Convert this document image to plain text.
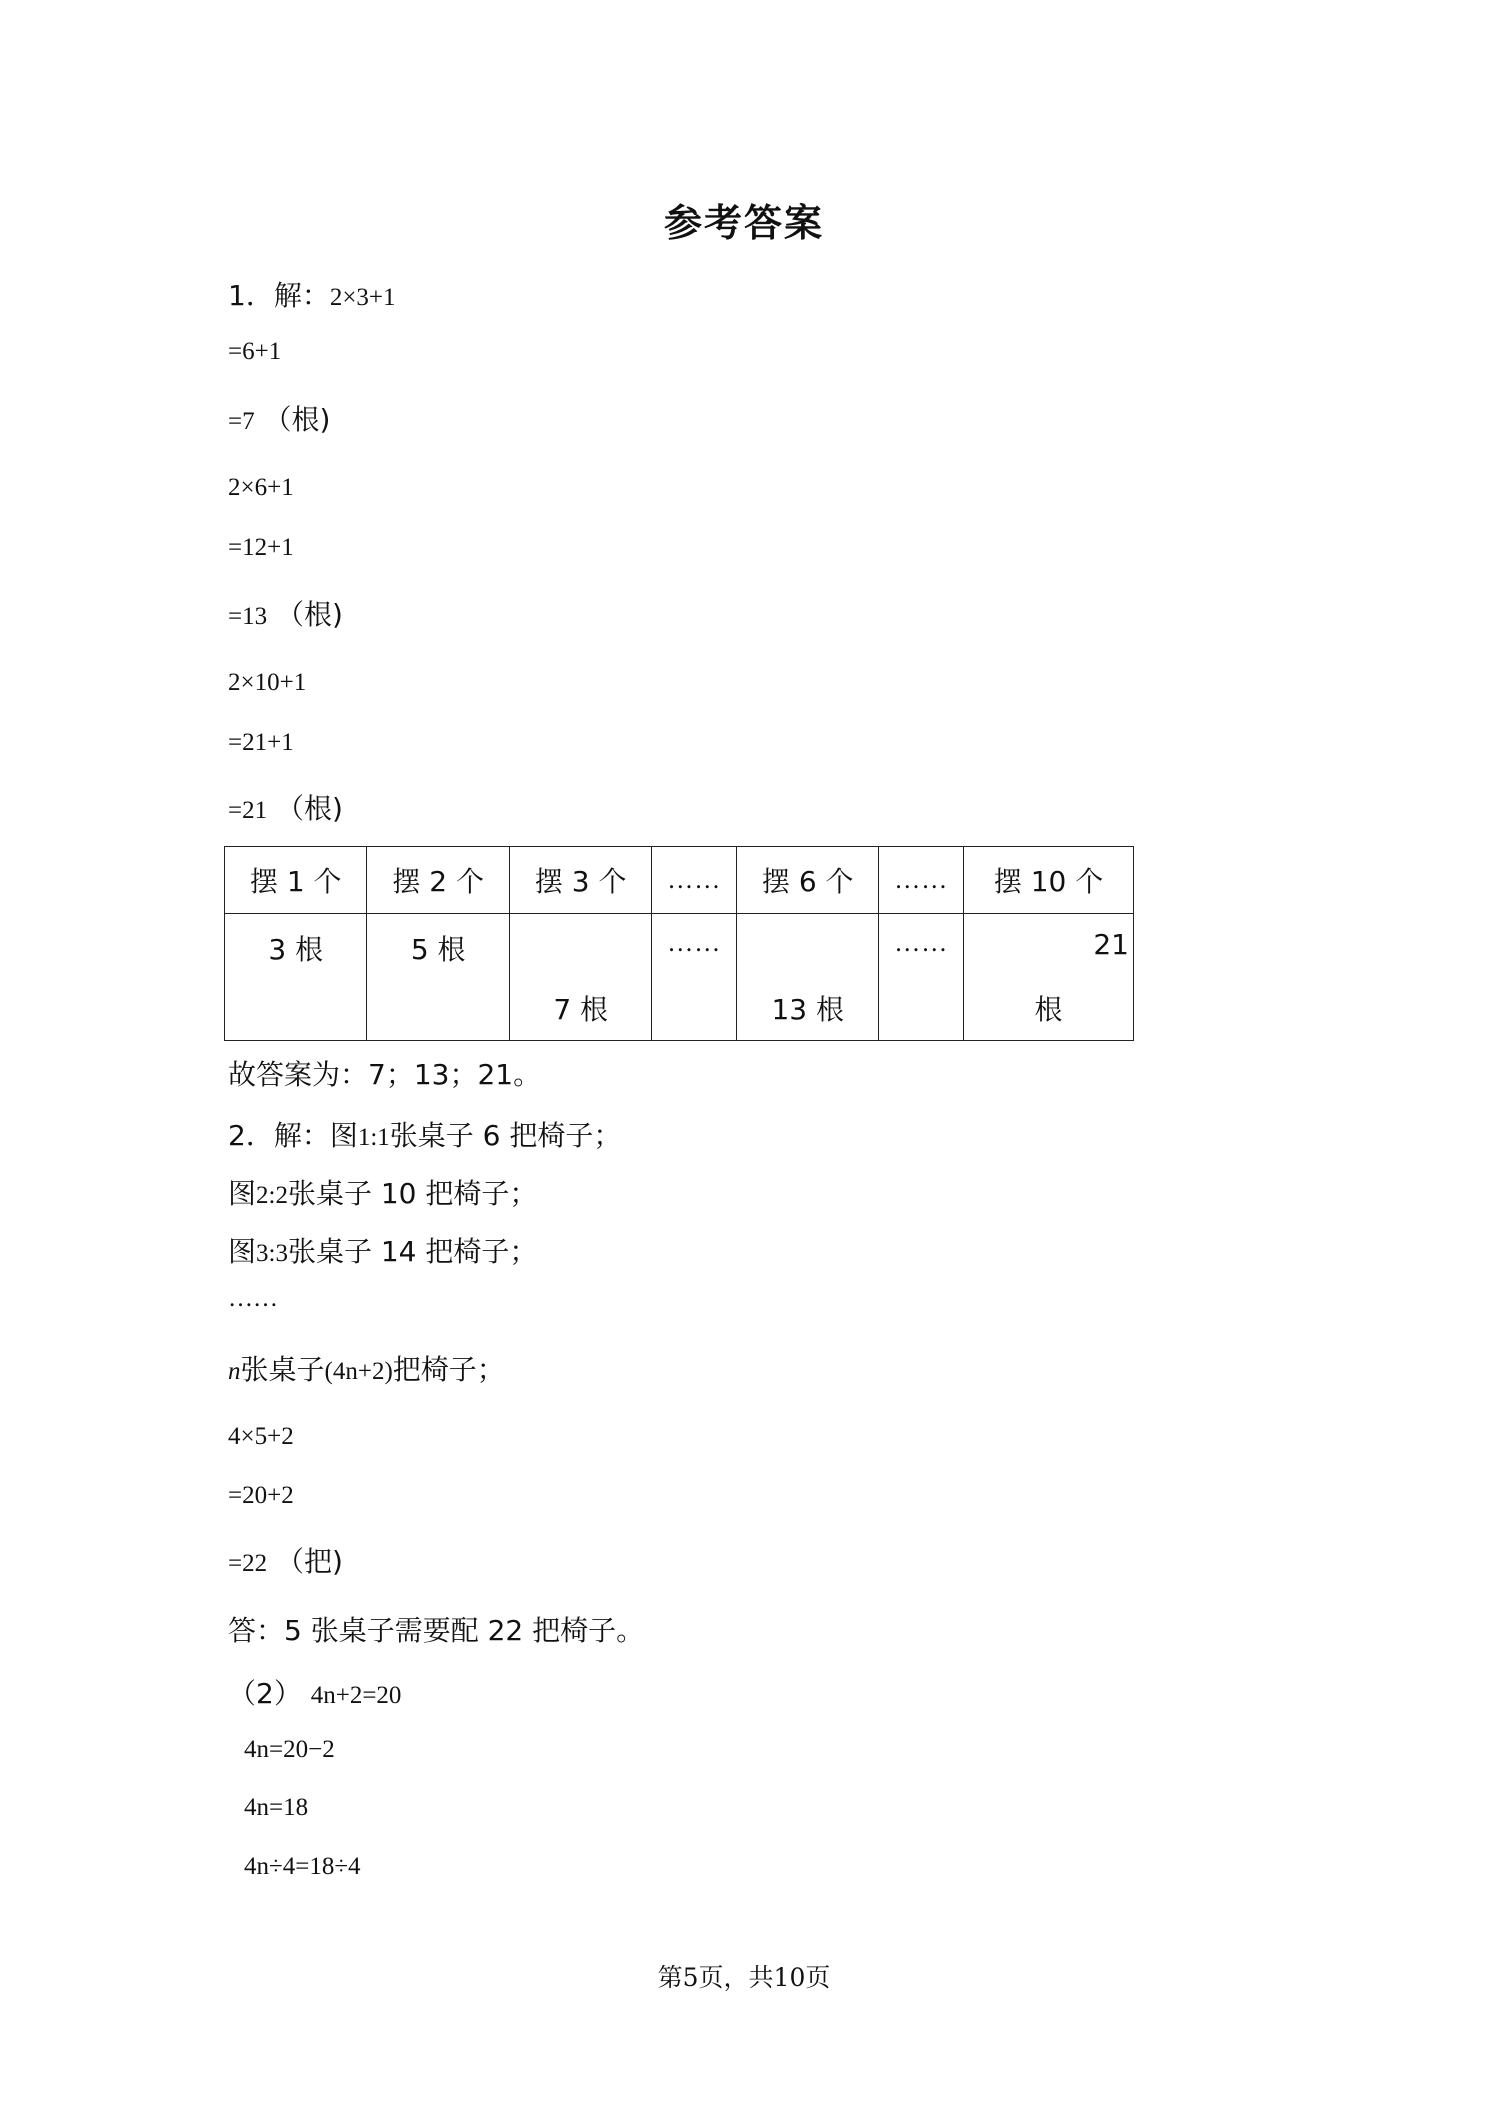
参考答案
1．解：2×3+1
=6+1
=7 （根)
2×6+1
=12+1
=13 （根)
2×10+1
=21+1
=21 （根)
摆 1 个	摆 2 个	摆 3 个	……	摆 6 个	……	摆 10 个

3 根	5 根	7 根	……	13 根	……	21
根
故答案为：7；13；21。
2．解：图1:1张桌子 6 把椅子；
图2:2张桌子 10 把椅子；
图3:3张桌子 14 把椅子；
……
n张桌子(4n+2)把椅子；
4×5+2
=20+2
=22 （把)
答：5 张桌子需要配 22 把椅子。
（2） 4n+2=20
4n=20−2
4n=18
4n÷4=18÷4
第5页，共10页
